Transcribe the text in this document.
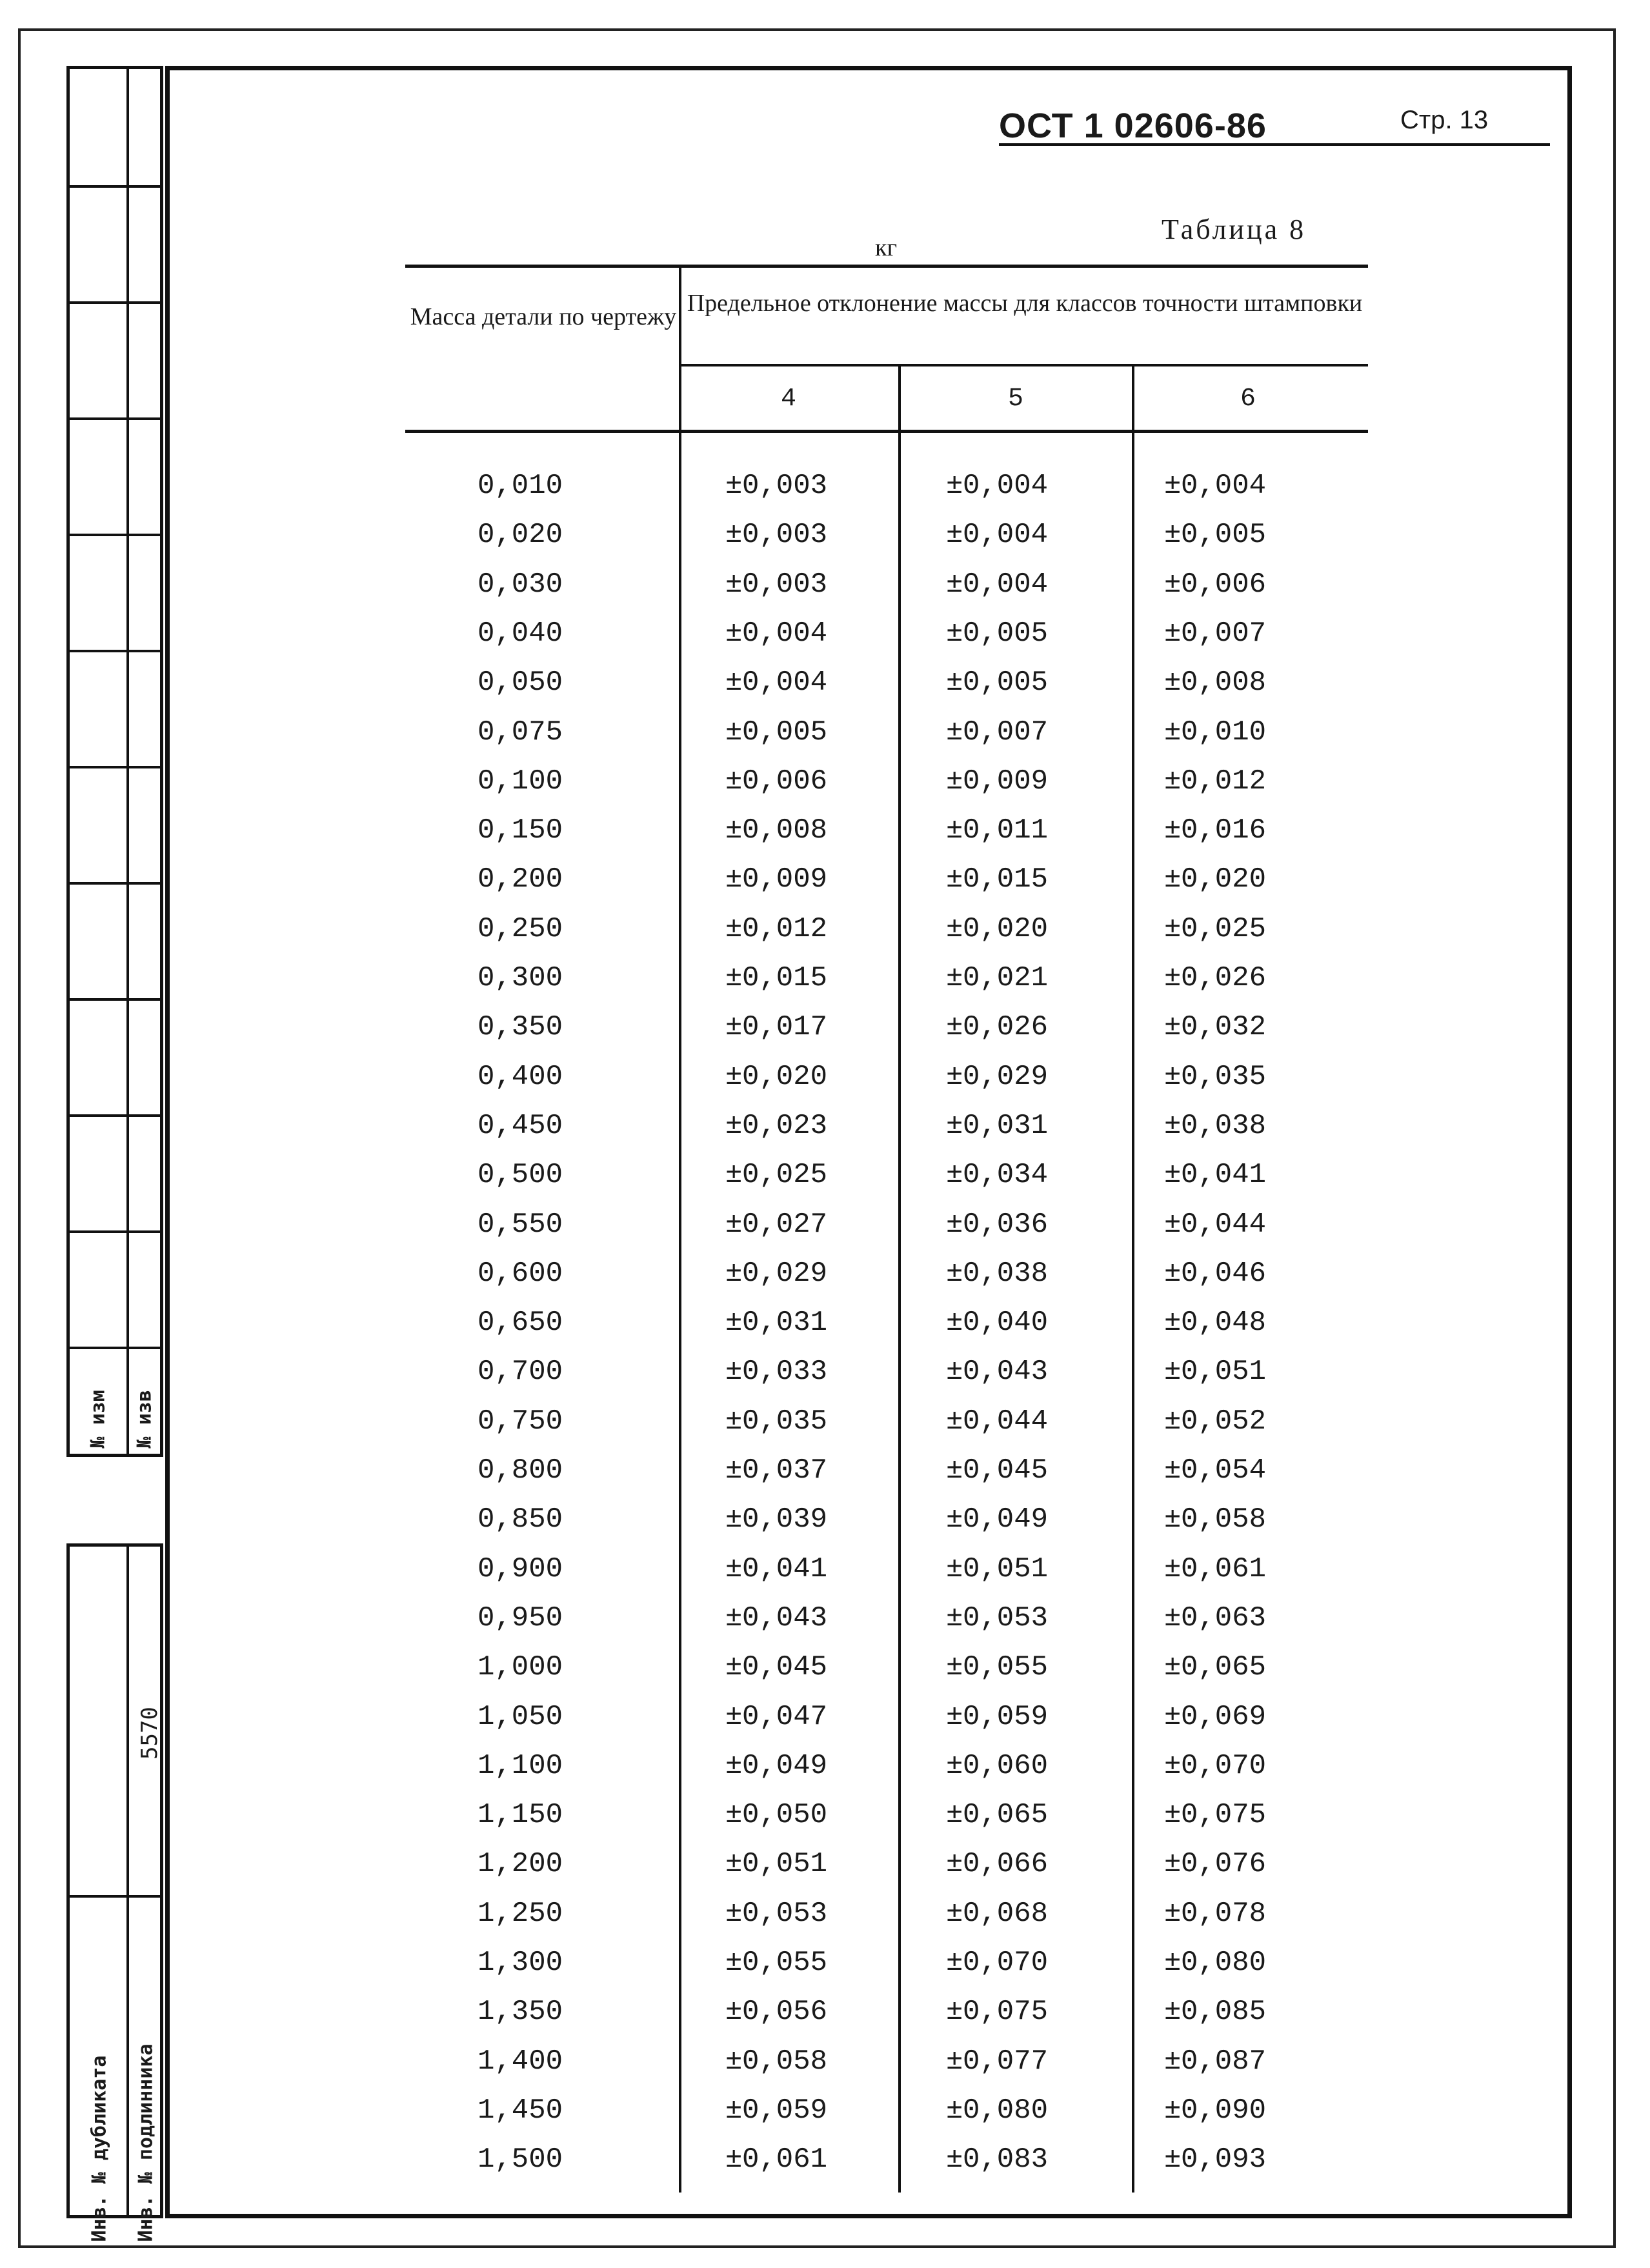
№ изм № изв
5570
Инв. № дубликата Инв. № подлинника
ОСТ 1 02606-86	Стр. 13
Таблица 8
кг
Масса детали по чертежу Предельное отклонение массы для классов точности штамповки
4	5	6
0,010	±0,003	±0,004	±0,004
0,020	±0,003	±0,004	±0,005
0,030	±0,003	±0,004	±0,006
0,040	±0,004	±0,005	±0,007
0,050	±0,004	±0,005	±0,008
0,075	±0,005	±0,007	±0,010
0,100	±0,006	±0,009	±0,012
0,150	±0,008	±0,011	±0,016
0,200	±0,009	±0,015	±0,020
0,250	±0,012	±0,020	±0,025
0,300	±0,015	±0,021	±0,026
0,350	±0,017	±0,026	±0,032
0,400	±0,020	±0,029	±0,035
0,450	±0,023	±0,031	±0,038
0,500	±0,025	±0,034	±0,041
0,550	±0,027	±0,036	±0,044
0,600	±0,029	±0,038	±0,046
0,650	±0,031	±0,040	±0,048
0,700	±0,033	±0,043	±0,051
0,750	±0,035	±0,044	±0,052
0,800	±0,037	±0,045	±0,054
0,850	±0,039	±0,049	±0,058
0,900	±0,041	±0,051	±0,061
0,950	±0,043	±0,053	±0,063
1,000	±0,045	±0,055	±0,065
1,050	±0,047	±0,059	±0,069
1,100	±0,049	±0,060	±0,070
1,150	±0,050	±0,065	±0,075
1,200	±0,051	±0,066	±0,076
1,250	±0,053	±0,068	±0,078
1,300	±0,055	±0,070	±0,080
1,350	±0,056	±0,075	±0,085
1,400	±0,058	±0,077	±0,087
1,450	±0,059	±0,080	±0,090
1,500	±0,061	±0,083	±0,093
